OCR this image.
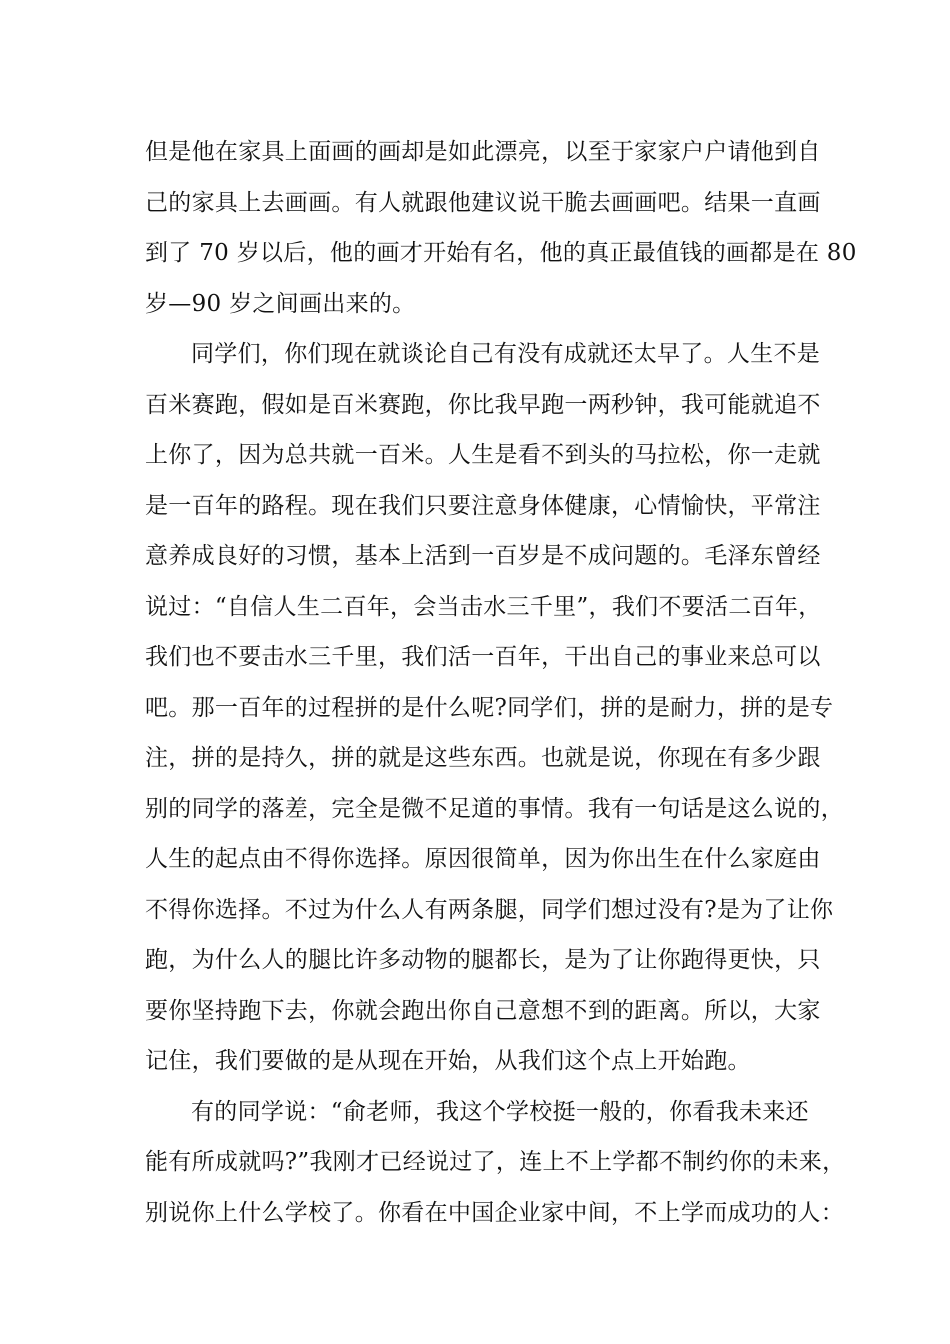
但是他在家具上面画的画却是如此漂亮，以至于家家户户请他到自
己的家具上去画画。有人就跟他建议说干脆去画画吧。结果一直画
到了 70 岁以后，他的画才开始有名，他的真正最值钱的画都是在 80
岁—90 岁之间画出来的。
同学们，你们现在就谈论自己有没有成就还太早了。人生不是
百米赛跑，假如是百米赛跑，你比我早跑一两秒钟，我可能就追不
上你了，因为总共就一百米。人生是看不到头的马拉松，你一走就
是一百年的路程。现在我们只要注意身体健康，心情愉快，平常注
意养成良好的习惯，基本上活到一百岁是不成问题的。毛泽东曾经
说过：“自信人生二百年，会当击水三千里”，我们不要活二百年，
我们也不要击水三千里，我们活一百年，干出自己的事业来总可以
吧。那一百年的过程拼的是什么呢?同学们，拼的是耐力，拼的是专
注，拼的是持久，拼的就是这些东西。也就是说，你现在有多少跟
别的同学的落差，完全是微不足道的事情。我有一句话是这么说的，
人生的起点由不得你选择。原因很简单，因为你出生在什么家庭由
不得你选择。不过为什么人有两条腿，同学们想过没有?是为了让你
跑，为什么人的腿比许多动物的腿都长，是为了让你跑得更快，只
要你坚持跑下去，你就会跑出你自己意想不到的距离。所以，大家
记住，我们要做的是从现在开始，从我们这个点上开始跑。
有的同学说：“俞老师，我这个学校挺一般的，你看我未来还
能有所成就吗?”我刚才已经说过了，连上不上学都不制约你的未来，
别说你上什么学校了。你看在中国企业家中间，不上学而成功的人：
